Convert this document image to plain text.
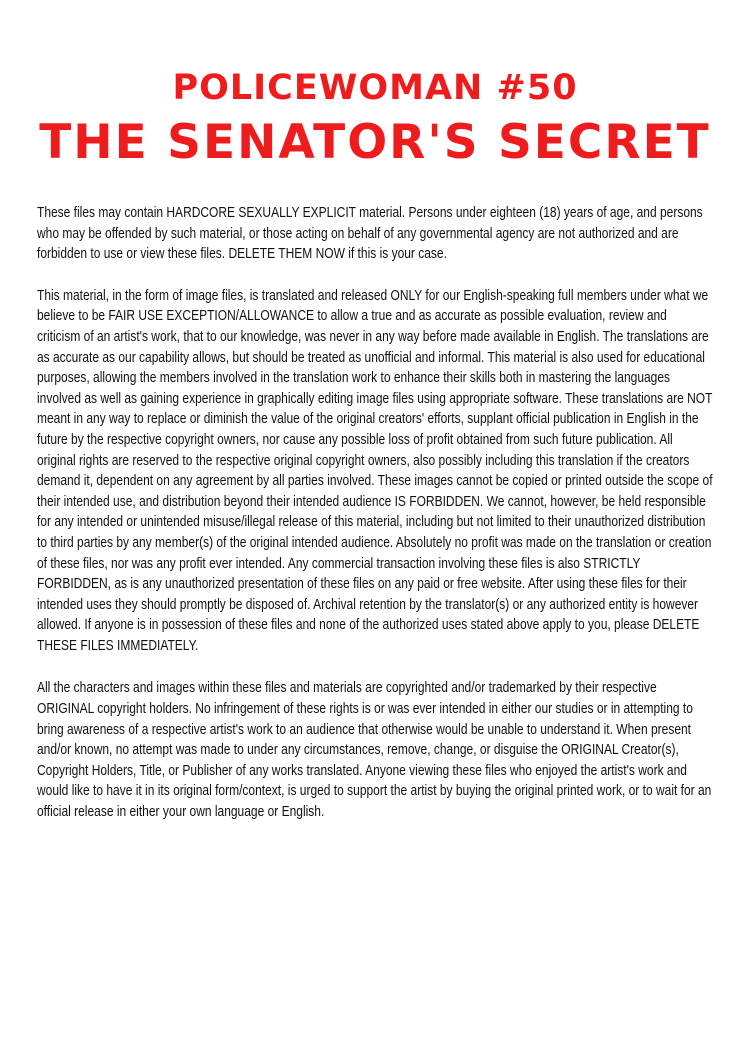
POLICEWOMAN #50
THE SENATOR'S SECRET

These files may contain HARDCORE SEXUALLY EXPLICIT material. Persons under eighteen (18) years of age, and persons who may be offended by such material, or those acting on behalf of any governmental agency are not authorized and are forbidden to use or view these files. DELETE THEM NOW if this is your case.

This material, in the form of image files, is translated and released ONLY for our English-speaking full members under what we believe to be FAIR USE EXCEPTION/ALLOWANCE to allow a true and as accurate as possible evaluation, review and criticism of an artist's work, that to our knowledge, was never in any way before made available in English. The translations are as accurate as our capability allows, but should be treated as unofficial and informal. This material is also used for educational purposes, allowing the members involved in the translation work to enhance their skills both in mastering the languages involved as well as gaining experience in graphically editing image files using appropriate software. These translations are NOT meant in any way to replace or diminish the value of the original creators' efforts, supplant official publication in English in the future by the respective copyright owners, nor cause any possible loss of profit obtained from such future publication. All original rights are reserved to the respective original copyright owners, also possibly including this translation if the creators demand it, dependent on any agreement by all parties involved. These images cannot be copied or printed outside the scope of their intended use, and distribution beyond their intended audience IS FORBIDDEN. We cannot, however, be held responsible for any intended or unintended misuse/illegal release of this material, including but not limited to their unauthorized distribution to third parties by any member(s) of the original intended audience. Absolutely no profit was made on the translation or creation of these files, nor was any profit ever intended. Any commercial transaction involving these files is also STRICTLY FORBIDDEN, as is any unauthorized presentation of these files on any paid or free website. After using these files for their intended uses they should promptly be disposed of. Archival retention by the translator(s) or any authorized entity is however allowed. If anyone is in possession of these files and none of the authorized uses stated above apply to you, please DELETE THESE FILES IMMEDIATELY.

All the characters and images within these files and materials are copyrighted and/or trademarked by their respective ORIGINAL copyright holders. No infringement of these rights is or was ever intended in either our studies or in attempting to bring awareness of a respective artist's work to an audience that otherwise would be unable to understand it. When present and/or known, no attempt was made to under any circumstances, remove, change, or disguise the ORIGINAL Creator(s), Copyright Holders, Title, or Publisher of any works translated. Anyone viewing these files who enjoyed the artist's work and would like to have it in its original form/context, is urged to support the artist by buying the original printed work, or to wait for an official release in either your own language or English.
